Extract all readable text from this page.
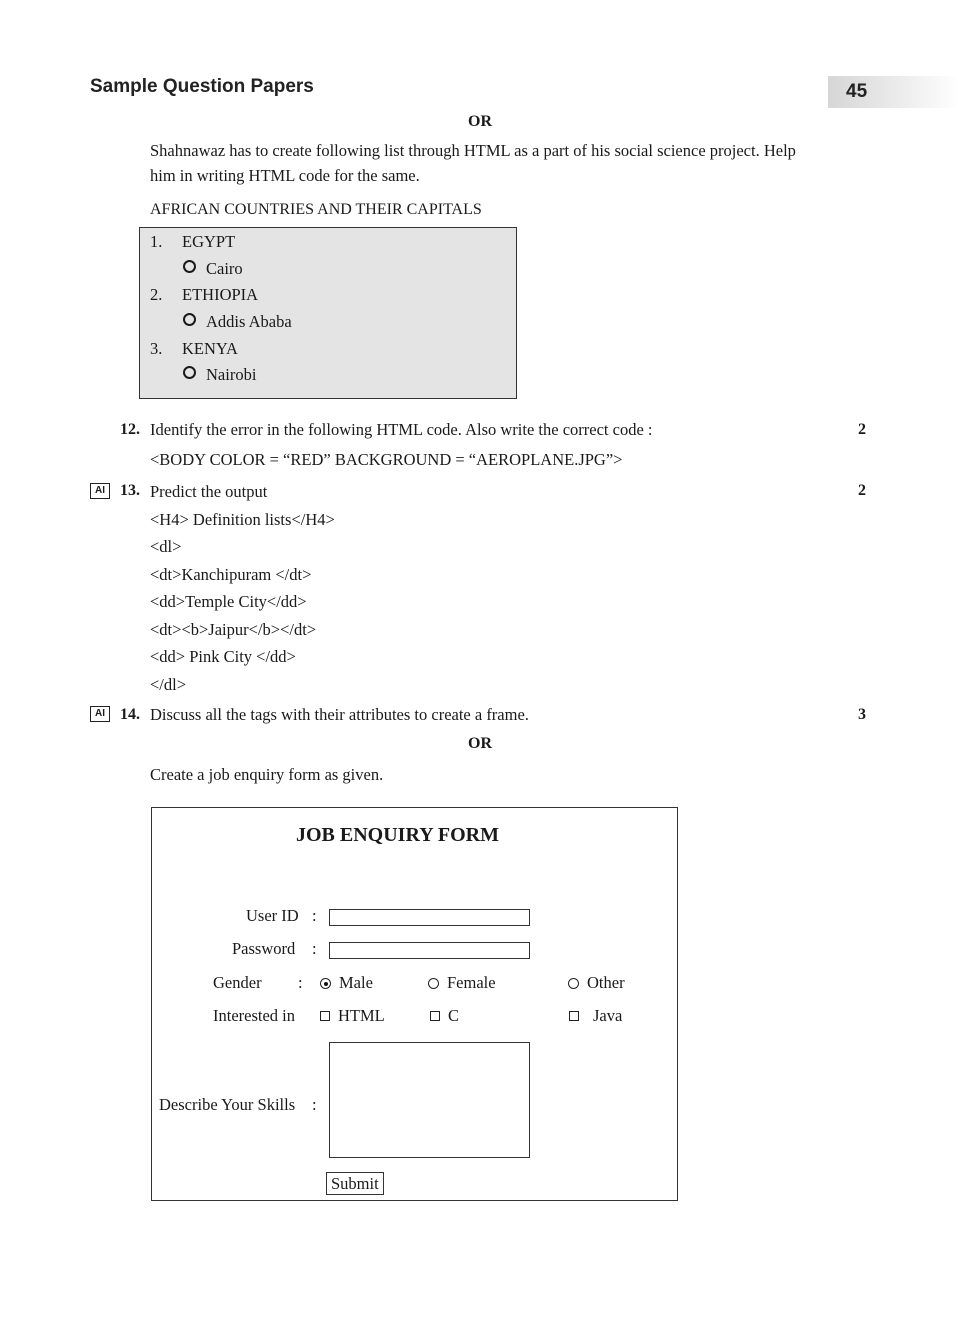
Sample Question Papers	45
OR
Shahnawaz has to create following list through HTML as a part of his social science project. Help
him in writing HTML code for the same.
AFRICAN COUNTRIES AND THEIR CAPITALS
1. EGYPT
Cairo
2. ETHIOPIA
Addis Ababa
3. KENYA
Nairobi
12. Identify the error in the following HTML code. Also write the correct code :	2
<BODY COLOR = “RED” BACKGROUND = “AEROPLANE.JPG”>
AI 13. Predict the output	2
<H4> Definition lists</H4>
<dl>
<dt>Kanchipuram </dt>
<dd>Temple City</dd>
<dt><b>Jaipur</b></dt>
<dd> Pink City </dd>
</dl>
AI 14. Discuss all the tags with their attributes to create a frame.	3
OR
Create a job enquiry form as given.
JOB ENQUIRY FORM
User ID :
Password :
Gender :	Male	Female	Other
Interested in	HTML	C	Java
Describe Your Skills :
Submit
